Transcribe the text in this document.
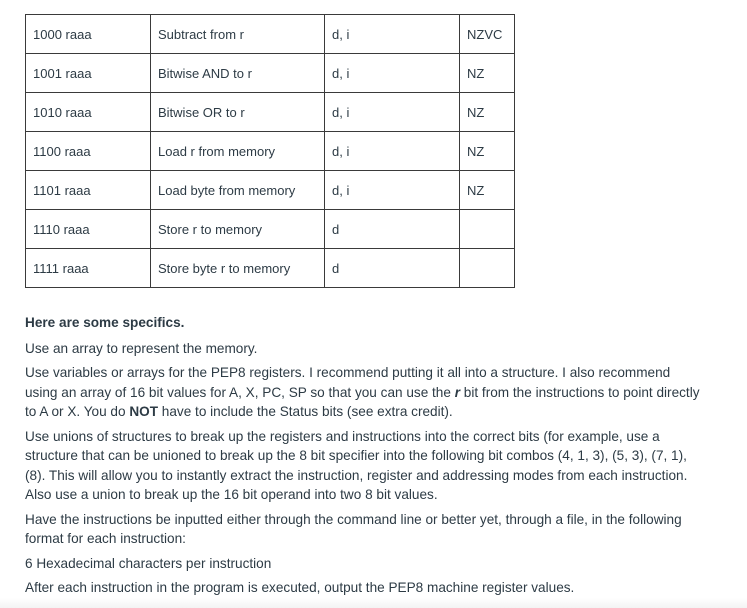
1000 raaa	Subtract from r	d, i	NZVC
1001 raaa	Bitwise AND to r	d, i	NZ
1010 raaa	Bitwise OR to r	d, i	NZ
1100 raaa	Load r from memory	d, i	NZ
1101 raaa	Load byte from memory	d, i	NZ
1110 raaa	Store r to memory	d	
1111 raaa	Store byte r to memory	d	

Here are some specifics.

Use an array to represent the memory.

Use variables or arrays for the PEP8 registers. I recommend putting it all into a structure. I also recommend using an array of 16 bit values for A, X, PC, SP so that you can use the r bit from the instructions to point directly to A or X. You do NOT have to include the Status bits (see extra credit).

Use unions of structures to break up the registers and instructions into the correct bits (for example, use a structure that can be unioned to break up the 8 bit specifier into the following bit combos (4, 1, 3), (5, 3), (7, 1), (8). This will allow you to instantly extract the instruction, register and addressing modes from each instruction. Also use a union to break up the 16 bit operand into two 8 bit values.

Have the instructions be inputted either through the command line or better yet, through a file, in the following format for each instruction:

6 Hexadecimal characters per instruction

After each instruction in the program is executed, output the PEP8 machine register values.
